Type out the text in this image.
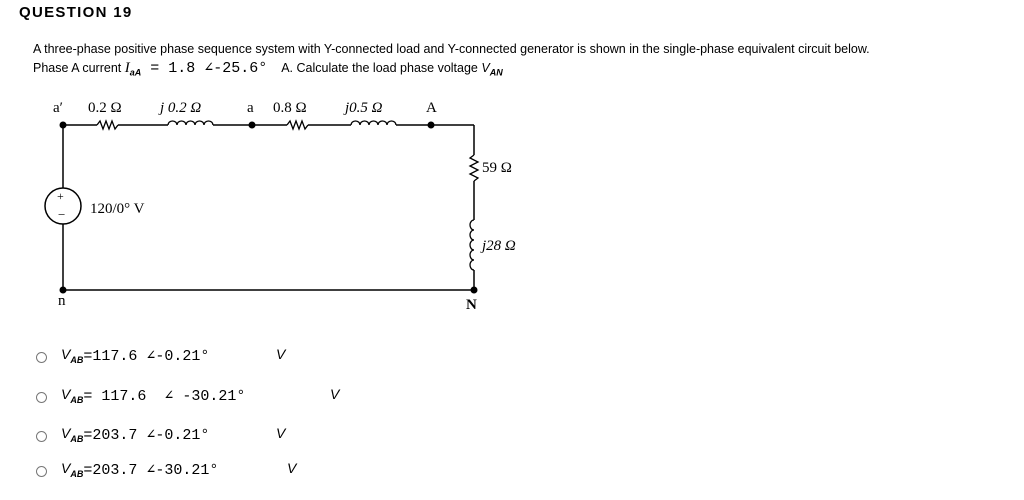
QUESTION 19
A three-phase positive phase sequence system with Y-connected load and Y-connected generator is shown in the single-phase equivalent circuit below.
Phase A current $I_{aA} = 1.8$ ∠-25.6° A. Calculate the load phase voltage $V_{AN}$
+
−
a′ 0.2 Ω	j 0.2 Ω	a 0.8 Ω	j0.5 Ω	A
59 Ω
j28 Ω
120/0° V
n	N
$V_{AB} =117.6$ ∠-0.21°	V
$V_{AB} = 117.6$  ∠ -30.21°	V
$V_{AB} =203.7$ ∠-0.21°	V
$V_{AB} =203.7$ ∠-30.21°	V
